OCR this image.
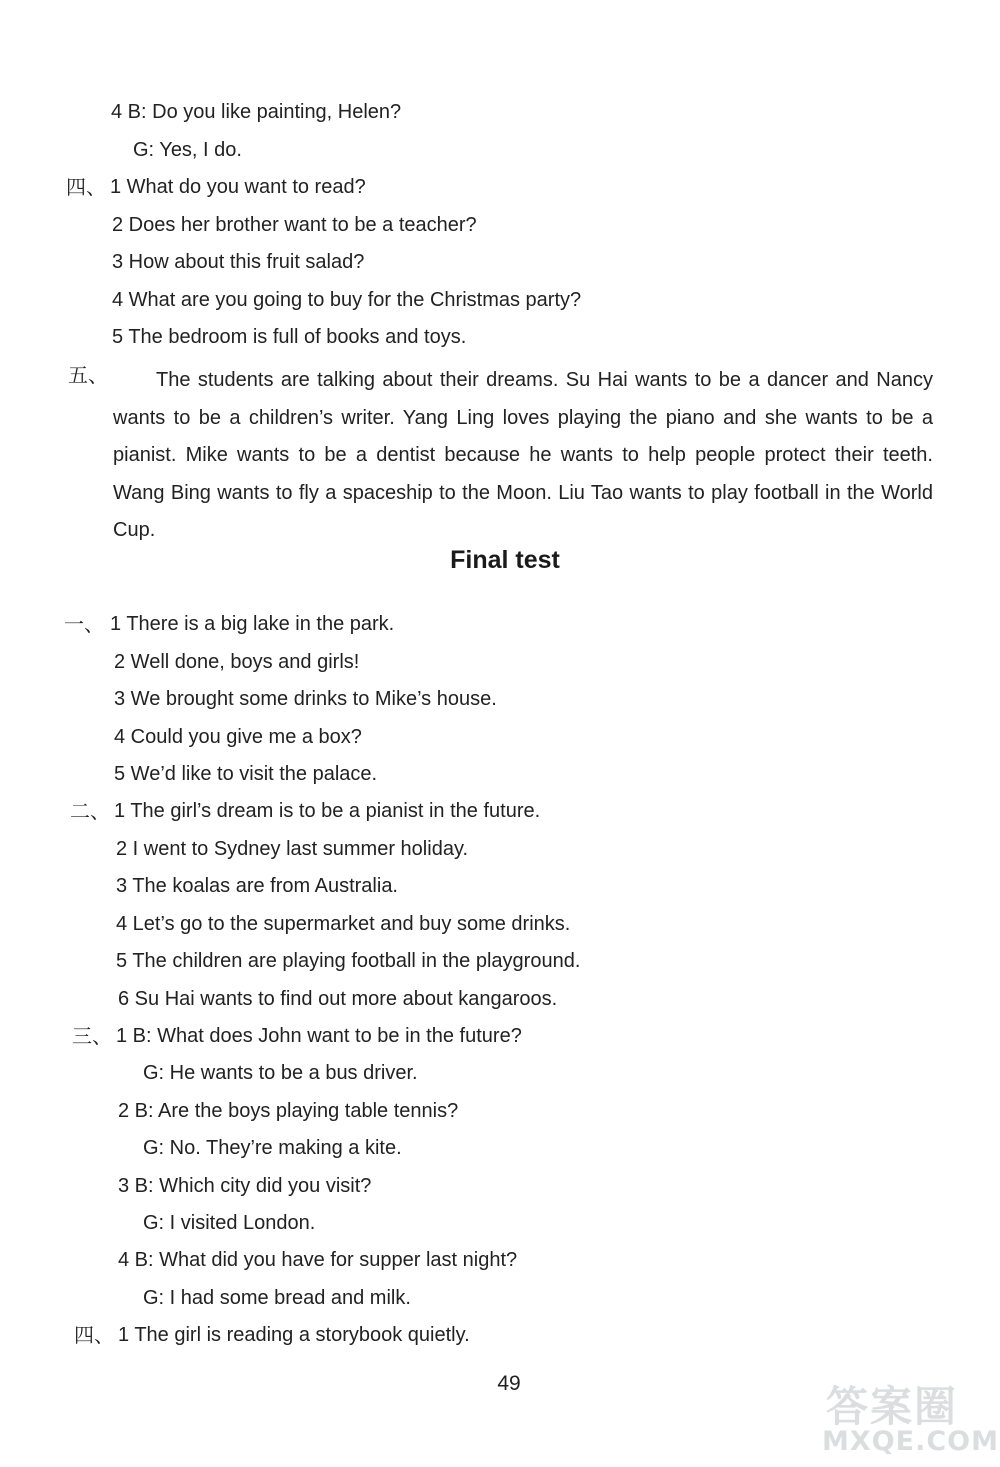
4 B: Do you like painting, Helen?
G: Yes, I do.
四、 1 What do you want to read?
2 Does her brother want to be a teacher?
3 How about this fruit salad?
4 What are you going to buy for the Christmas party?
5 The bedroom is full of books and toys.
五、	The students are talking about their dreams. Su Hai wants to be a dancer and Nancy wants to be a children’s writer. Yang Ling loves playing the piano and she wants to be a pianist. Mike wants to be a dentist because he wants to help people protect their teeth. Wang Bing wants to fly a spaceship to the Moon. Liu Tao wants to play football in the World Cup.
Final test
一、 1 There is a big lake in the park.
2 Well done, boys and girls!
3 We brought some drinks to Mike’s house.
4 Could you give me a box?
5 We’d like to visit the palace.
二、 1 The girl’s dream is to be a pianist in the future.
2 I went to Sydney last summer holiday.
3 The koalas are from Australia.
4 Let’s go to the supermarket and buy some drinks.
5 The children are playing football in the playground.
6 Su Hai wants to find out more about kangaroos.
三、 1 B: What does John want to be in the future?
G: He wants to be a bus driver.
2 B: Are the boys playing table tennis?
G: No. They’re making a kite.
3 B: Which city did you visit?
G: I visited London.
4 B: What did you have for supper last night?
G: I had some bread and milk.
四、 1 The girl is reading a storybook quietly.
49	答案圈
MXQE.COM
